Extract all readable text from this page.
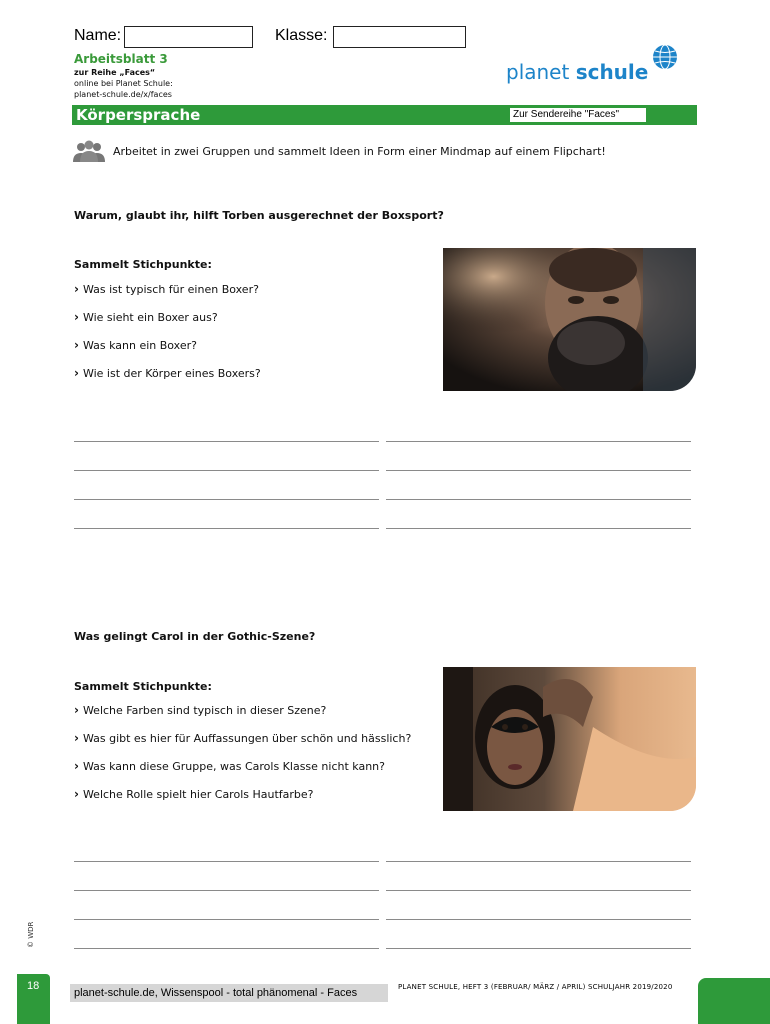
Name:	Klasse:
Arbeitsblatt 3
zur Reihe „Faces“
online bei Planet Schule:
planet-schule.de/x/faces
planet schule
Körpersprache	Zur Sendereihe "Faces"
Arbeitet in zwei Gruppen und sammelt Ideen in Form einer Mindmap auf einem Flipchart!
Warum, glaubt ihr, hilft Torben ausgerechnet der Boxsport?
Sammelt Stichpunkte:
› Was ist typisch für einen Boxer?
› Wie sieht ein Boxer aus?
› Was kann ein Boxer?
› Wie ist der Körper eines Boxers?
Was gelingt Carol in der Gothic-Szene?
Sammelt Stichpunkte:
› Welche Farben sind typisch in dieser Szene?
› Was gibt es hier für Auffassungen über schön und hässlich?
› Was kann diese Gruppe, was Carols Klasse nicht kann?
› Welche Rolle spielt hier Carols Hautfarbe?
© WDR
18
planet-schule.de, Wissenspool - total phänomenal - Faces	PLANET SCHULE, HEFT 3 (FEBRUAR/ MÄRZ / APRIL) SCHULJAHR 2019/2020
